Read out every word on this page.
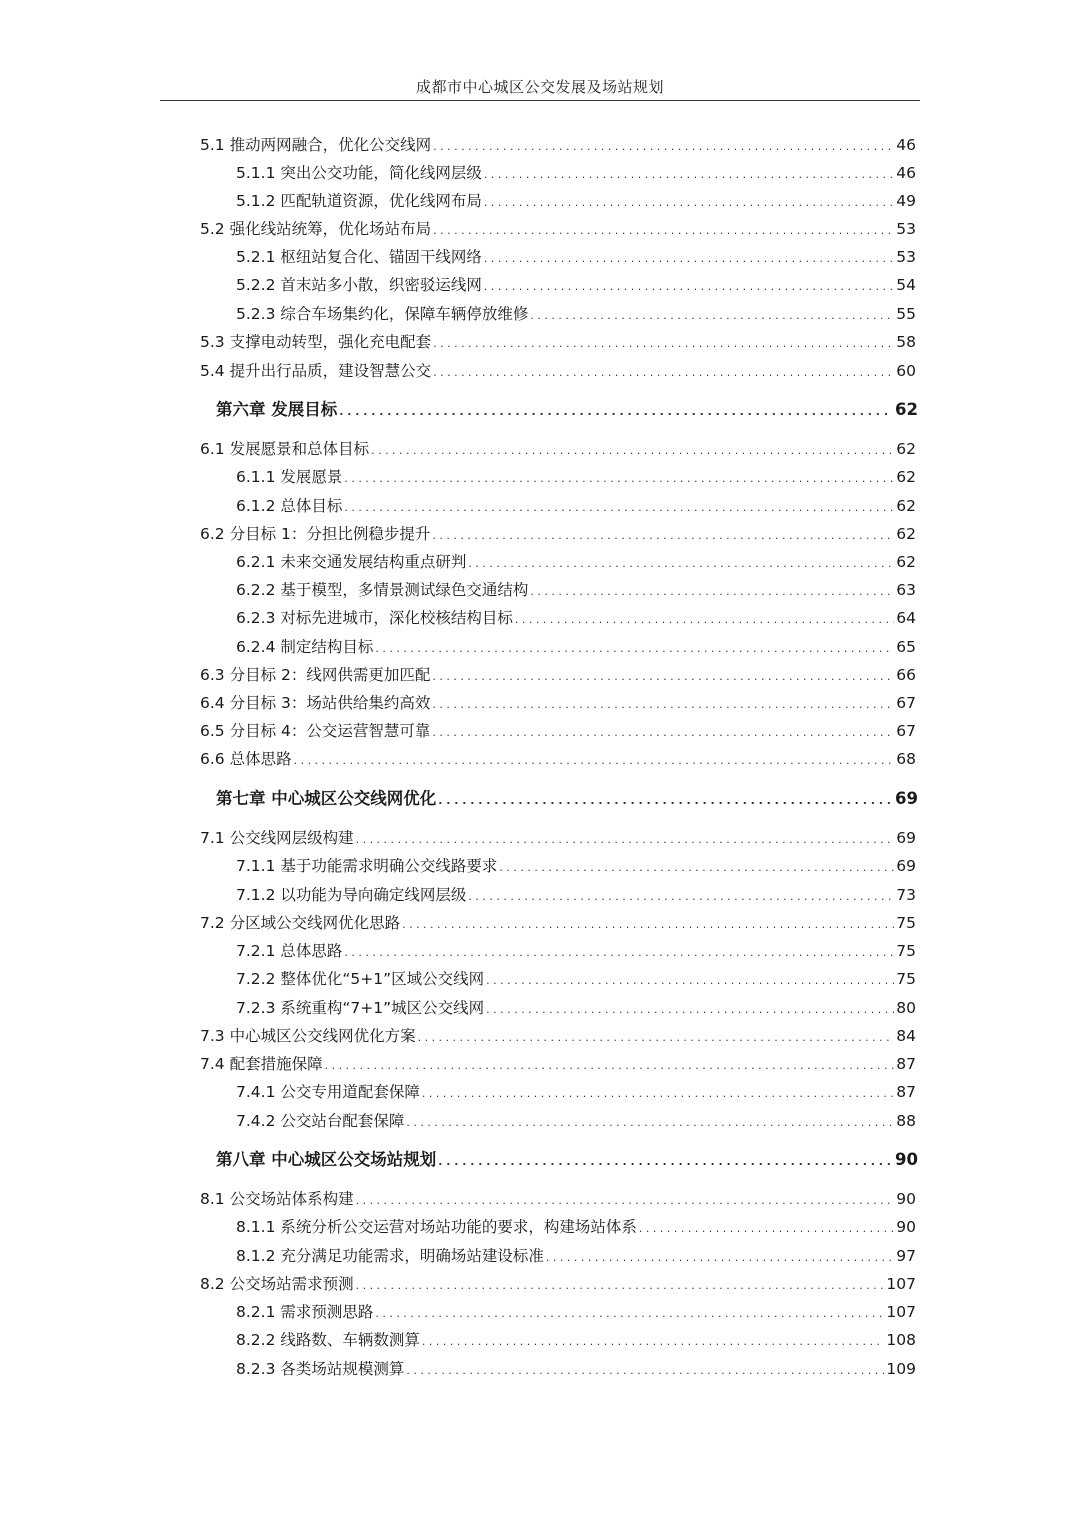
成都市中心城区公交发展及场站规划
5.1 推动两网融合，优化公交线网 . . .	46
5.1.1 突出公交功能，简化线网层级 . . .	46
5.1.2 匹配轨道资源，优化线网布局 . . .	49
5.2 强化线站统筹，优化场站布局 . . .	53
5.2.1 枢纽站复合化、锚固干线网络 . . .	53
5.2.2 首末站多小散，织密驳运线网 . . .	54
5.2.3 综合车场集约化，保障车辆停放维修 . . .	55
5.3 支撑电动转型，强化充电配套 . . .	58
5.4 提升出行品质，建设智慧公交 . . .	60
第六章 发展目标 . . .	62
6.1 发展愿景和总体目标 . . .	62
6.1.1 发展愿景 . . .	62
6.1.2 总体目标 . . .	62
6.2 分目标 1：分担比例稳步提升 . . .	62
6.2.1 未来交通发展结构重点研判 . . .	62
6.2.2 基于模型，多情景测试绿色交通结构 . . .	63
6.2.3 对标先进城市，深化校核结构目标 . . .	64
6.2.4 制定结构目标 . . .	65
6.3 分目标 2：线网供需更加匹配 . . .	66
6.4 分目标 3：场站供给集约高效 . . .	67
6.5 分目标 4：公交运营智慧可靠 . . .	67
6.6 总体思路 . . .	68
第七章 中心城区公交线网优化 . . .	69
7.1 公交线网层级构建 . . .	69
7.1.1 基于功能需求明确公交线路要求 . . .	69
7.1.2 以功能为导向确定线网层级 . . .	73
7.2 分区域公交线网优化思路 . . .	75
7.2.1 总体思路 . . .	75
7.2.2 整体优化“5+1”区域公交线网 . . .	75
7.2.3 系统重构“7+1”城区公交线网 . . .	80
7.3 中心城区公交线网优化方案 . . .	84
7.4 配套措施保障 . . .	87
7.4.1 公交专用道配套保障 . . .	87
7.4.2 公交站台配套保障 . . .	88
第八章 中心城区公交场站规划 . . .	90
8.1 公交场站体系构建 . . .	90
8.1.1 系统分析公交运营对场站功能的要求，构建场站体系 . . .	90
8.1.2 充分满足功能需求，明确场站建设标准 . . .	97
8.2 公交场站需求预测 . . .	107
8.2.1 需求预测思路 . . .	107
8.2.2 线路数、车辆数测算 . . .	108
8.2.3 各类场站规模测算 . . .	109
